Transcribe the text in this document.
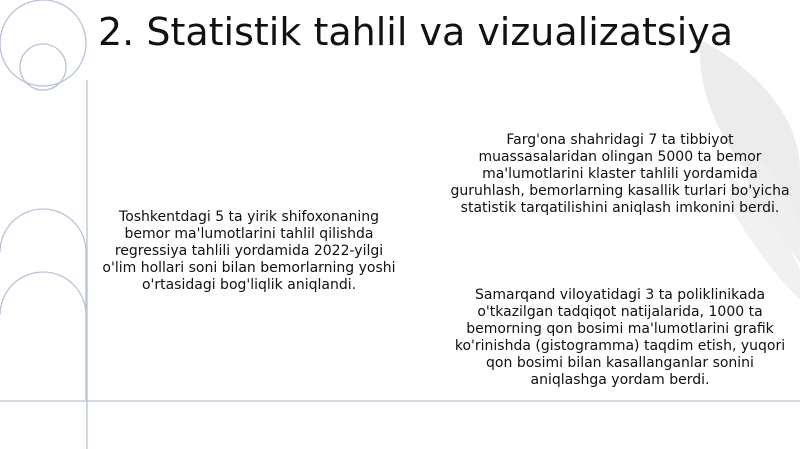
2. Statistik tahlil va vizualizatsiya

Toshkentdagi 5 ta yirik shifoxonaning bemor ma'lumotlarini tahlil qilishda regressiya tahlili yordamida 2022-yilgi o'lim hollari soni bilan bemorlarning yoshi o'rtasidagi bog'liqlik aniqlandi.

Farg'ona shahridagi 7 ta tibbiyot muassasalaridan olingan 5000 ta bemor ma'lumotlarini klaster tahlili yordamida guruhlash, bemorlarning kasallik turlari bo'yicha statistik tarqatilishini aniqlash imkonini berdi.

Samarqand viloyatidagi 3 ta poliklinikada o'tkazilgan tadqiqot natijalarida, 1000 ta bemorning qon bosimi ma'lumotlarini grafik ko'rinishda (gistogramma) taqdim etish, yuqori qon bosimi bilan kasallanganlar sonini aniqlashga yordam berdi.
